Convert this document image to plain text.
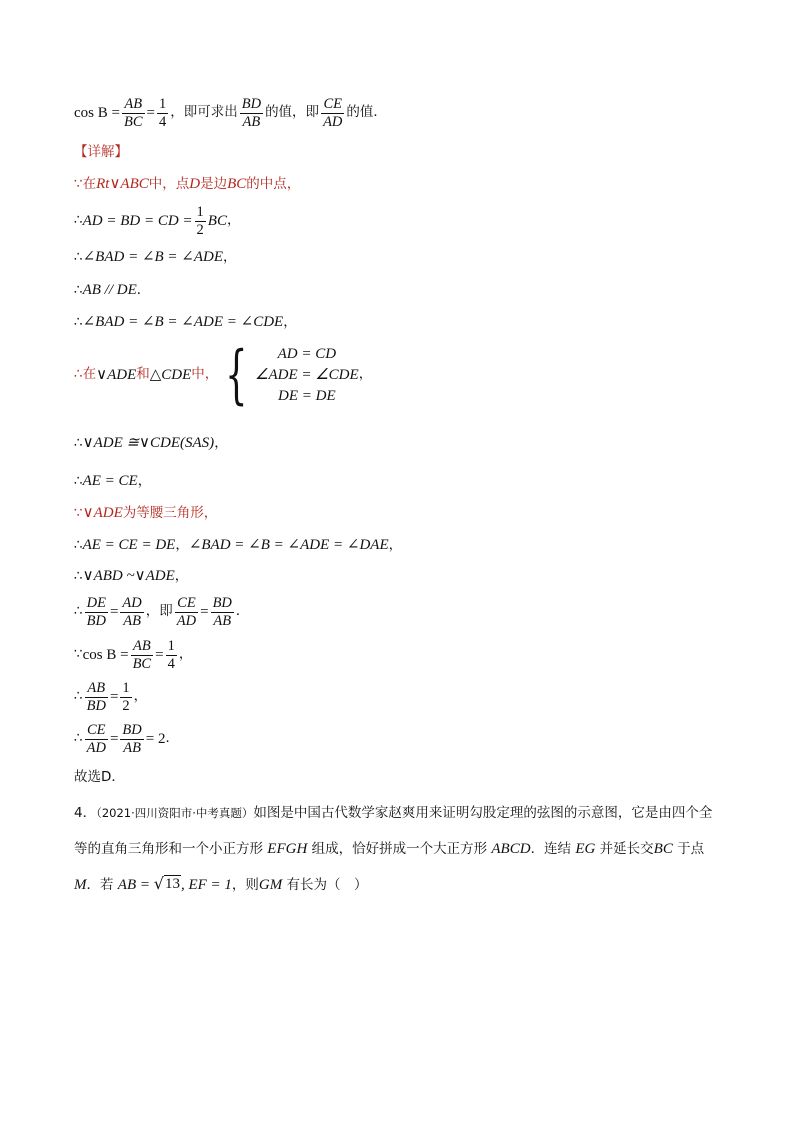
$\cos B = \frac{AB}{BC} = \frac{1}{4}$ ，即可求出 $\frac{BD}{AB}$ 的值，即 $\frac{CE}{AD}$ 的值．
【详解】
∵在 Rt ∨ABC 中，点 D 是边 BC 的中点，
∴ AD = BD = CD = $\frac{1}{2}$ BC ，
∴ ∠BAD = ∠B = ∠ADE ，
∴ AB // DE ．
∴ ∠BAD = ∠B = ∠ADE = ∠CDE ，
∴在 ∨ADE 和 △CDE 中， { AD = CD
∠ADE = ∠CDE
DE = DE
，
∴ ∨ADE ≅∨CDE(SAS) ，
∴ AE = CE ，
∵ ∨ADE 为等腰三角形，
∴ AE = CE = DE ， ∠BAD = ∠B = ∠ADE = ∠DAE ，
∴ ∨ABD ~∨ADE ，
∴ $\frac{DE}{BD} = \frac{AD}{AB}$ ，即 $\frac{CE}{AD} = \frac{BD}{AB}$ ．
∵ $\cos B = \frac{AB}{BC} = \frac{1}{4}$ ，
∴ $\frac{AB}{BD} = \frac{1}{2}$ ，
∴ $\frac{CE}{AD} = \frac{BD}{AB} = 2$ ．
故选D．
4．（2021·四川资阳市·中考真题）如图是中国古代数学家赵爽用来证明勾股定理的弦图的示意图，它是由四个全等的直角三角形和一个小正方形 EFGH 组成，恰好拼成一个大正方形 ABCD．连结 EG 并延长交BC 于点 M．若 AB = √ 13 , EF = 1，则GM 有长为（　）
